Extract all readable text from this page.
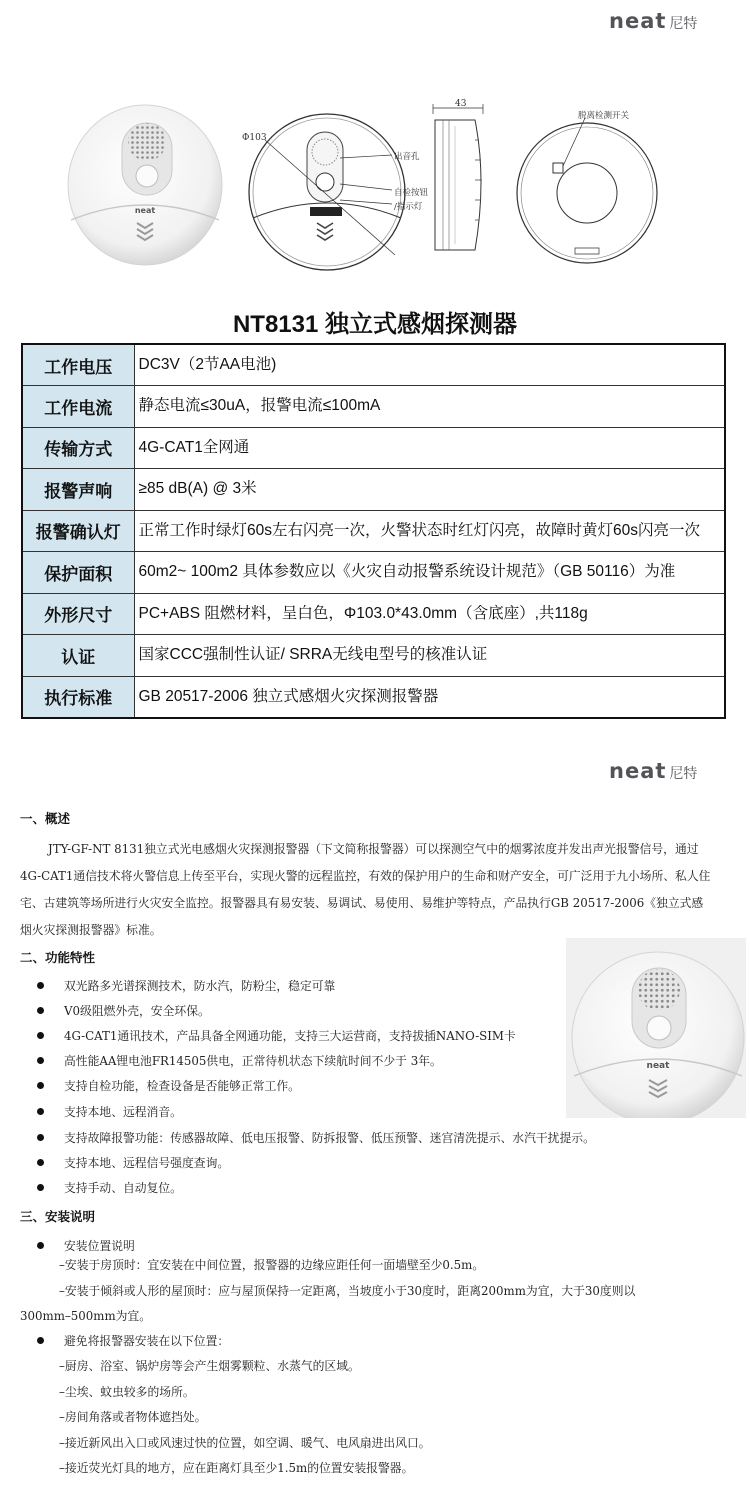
neat 尼特
neat
Φ103
出音孔
自检按钮
/指示灯
43
脱离检测开关
NT8131 独立式感烟探测器
工作电压	DC3V（2节AA电池)
工作电流	静态电流≤30uA，报警电流≤100mA
传输方式	4G-CAT1全网通
报警声响	≥85 dB(A) @ 3米
报警确认灯	正常工作时绿灯60s左右闪亮一次，火警状态时红灯闪亮，故障时黄灯60s闪亮一次
保护面积	60m2~ 100m2 具体参数应以《火灾自动报警系统设计规范》（GB 50116）为准
外形尺寸	PC+ABS 阻燃材料，呈白色，Φ103.0*43.0mm（含底座）,共118g
认证	国家CCC强制性认证/ SRRA无线电型号的核准认证
执行标准	GB 20517-2006 独立式感烟火灾探测报警器
neat 尼特
一、概述
JTY-GF-NT 8131独立式光电感烟火灾探测报警器（下文简称报警器）可以探测空气中的烟雾浓度并发出声光报警信号，通过4G-CAT1通信技术将火警信息上传至平台，实现火警的远程监控，有效的保护用户的生命和财产安全，可广泛用于九小场所、私人住宅、古建筑等场所进行火灾安全监控。报警器具有易安装、易调试、易使用、易维护等特点，产品执行GB 20517-2006《独立式感烟火灾探测报警器》标准。
二、功能特性
双光路多光谱探测技术，防水汽，防粉尘，稳定可靠
V0级阻燃外壳，安全环保。
4G-CAT1通讯技术，产品具备全网通功能，支持三大运营商，支持拔插NANO-SIM卡
高性能AA锂电池FR14505供电，正常待机状态下续航时间不少于 3年。
支持自检功能，检查设备是否能够正常工作。
支持本地、远程消音。
支持故障报警功能：传感器故障、低电压报警、防拆报警、低压预警、迷宫清洗提示、水汽干扰提示。
支持本地、远程信号强度查询。
支持手动、自动复位。
neat
三、安装说明
安装位置说明
–安装于房顶时：宜安装在中间位置，报警器的边缘应距任何一面墙壁至少0.5m。
–安装于倾斜或人形的屋顶时：应与屋顶保持一定距离，当坡度小于30度时，距离200mm为宜，大于30度则以
300mm–500mm为宜。
避免将报警器安装在以下位置：
–厨房、浴室、锅炉房等会产生烟雾颗粒、水蒸气的区域。
–尘埃、蚊虫较多的场所。
–房间角落或者物体遮挡处。
–接近新风出入口或风速过快的位置，如空调、暖气、电风扇进出风口。
–接近荧光灯具的地方，应在距离灯具至少1.5m的位置安装报警器。
